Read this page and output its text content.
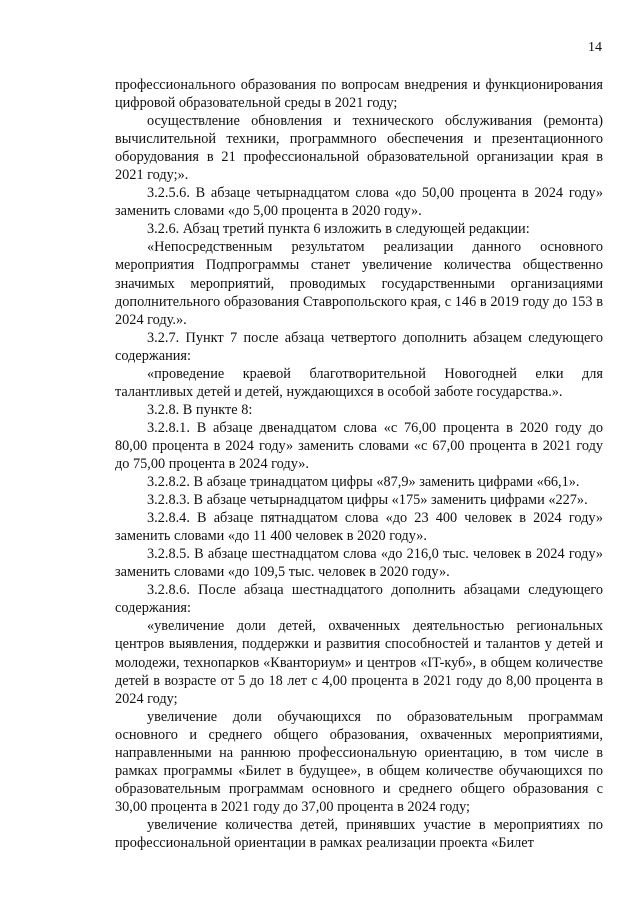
14

профессионального образования по вопросам внедрения и функционирования цифровой образовательной среды в 2021 году;

осуществление обновления и технического обслуживания (ремонта) вычислительной техники, программного обеспечения и презентационного оборудования в 21 профессиональной образовательной организации края в 2021 году;».

3.2.5.6. В абзаце четырнадцатом слова «до 50,00 процента в 2024 году» заменить словами «до 5,00 процента в 2020 году».

3.2.6. Абзац третий пункта 6 изложить в следующей редакции:

«Непосредственным результатом реализации данного основного мероприятия Подпрограммы станет увеличение количества общественно значимых мероприятий, проводимых государственными организациями дополнительного образования Ставропольского края, с 146 в 2019 году до 153 в 2024 году.».

3.2.7. Пункт 7 после абзаца четвертого дополнить абзацем следующего содержания:

«проведение краевой благотворительной Новогодней елки для талантливых детей и детей, нуждающихся в особой заботе государства.».

3.2.8. В пункте 8:

3.2.8.1. В абзаце двенадцатом слова «с 76,00 процента в 2020 году до 80,00 процента в 2024 году» заменить словами «с 67,00 процента в 2021 году до 75,00 процента в 2024 году».

3.2.8.2. В абзаце тринадцатом цифры «87,9» заменить цифрами «66,1».

3.2.8.3. В абзаце четырнадцатом цифры «175» заменить цифрами «227».

3.2.8.4. В абзаце пятнадцатом слова «до 23 400 человек в 2024 году» заменить словами «до 11 400 человек в 2020 году».

3.2.8.5. В абзаце шестнадцатом слова «до 216,0 тыс. человек в 2024 году» заменить словами «до 109,5 тыс. человек в 2020 году».

3.2.8.6. После абзаца шестнадцатого дополнить абзацами следующего содержания:

«увеличение доли детей, охваченных деятельностью региональных центров выявления, поддержки и развития способностей и талантов у детей и молодежи, технопарков «Кванториум» и центров «IT-куб», в общем количестве детей в возрасте от 5 до 18 лет с 4,00 процента в 2021 году до 8,00 процента в 2024 году;

увеличение доли обучающихся по образовательным программам основного и среднего общего образования, охваченных мероприятиями, направленными на раннюю профессиональную ориентацию, в том числе в рамках программы «Билет в будущее», в общем количестве обучающихся по образовательным программам основного и среднего общего образования с 30,00 процента в 2021 году до 37,00 процента в 2024 году;

увеличение количества детей, принявших участие в мероприятиях по профессиональной ориентации в рамках реализации проекта «Билет
